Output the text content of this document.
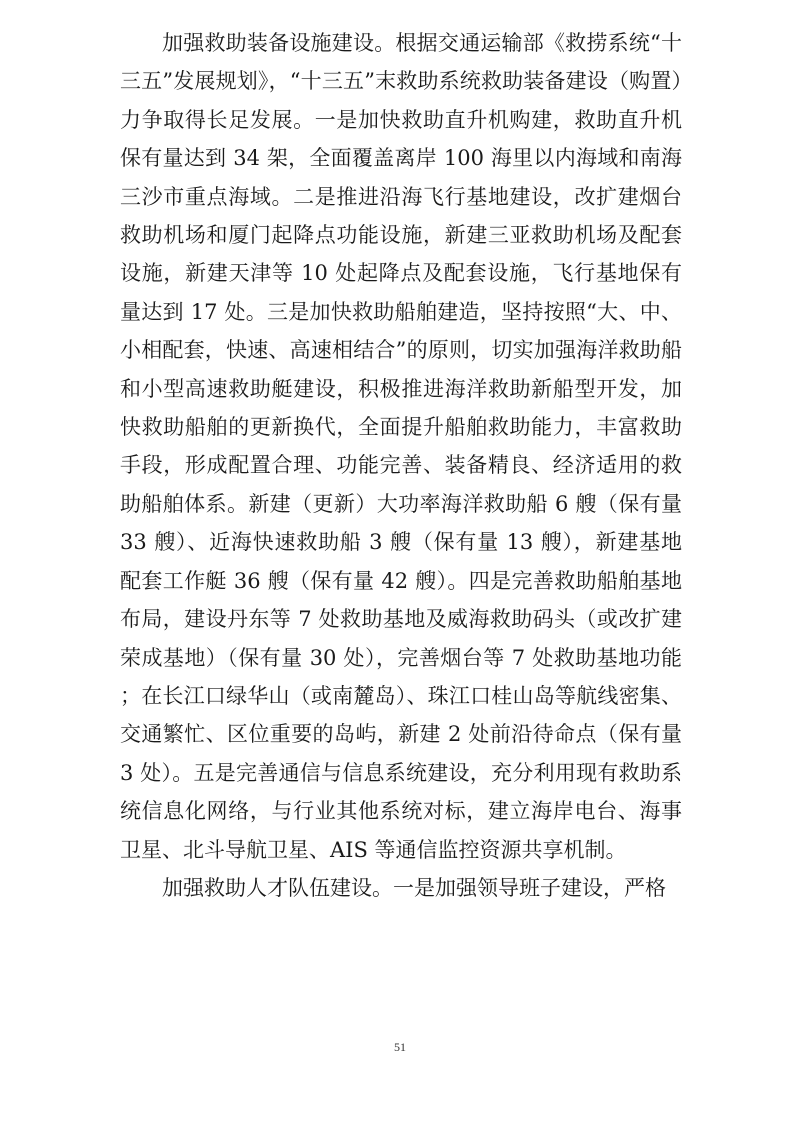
加强救助装备设施建设。根据交通运输部《救捞系统“十三五”发展规划》，“十三五”末救助系统救助装备建设（购置）力争取得长足发展。一是加快救助直升机购建，救助直升机保有量达到 34 架，全面覆盖离岸 100 海里以内海域和南海三沙市重点海域。二是推进沿海飞行基地建设，改扩建烟台救助机场和厦门起降点功能设施，新建三亚救助机场及配套设施，新建天津等 10 处起降点及配套设施，飞行基地保有量达到 17 处。三是加快救助船舶建造，坚持按照“大、中、小相配套，快速、高速相结合”的原则，切实加强海洋救助船和小型高速救助艇建设，积极推进海洋救助新船型开发，加快救助船舶的更新换代，全面提升船舶救助能力，丰富救助手段，形成配置合理、功能完善、装备精良、经济适用的救助船舶体系。新建（更新）大功率海洋救助船 6 艘（保有量 33 艘）、近海快速救助船 3 艘（保有量 13 艘），新建基地配套工作艇 36 艘（保有量 42 艘）。四是完善救助船舶基地布局，建设丹东等 7 处救助基地及威海救助码头（或改扩建荣成基地）（保有量 30 处），完善烟台等 7 处救助基地功能；在长江口绿华山（或南麓岛）、珠江口桂山岛等航线密集、交通繁忙、区位重要的岛屿，新建 2 处前沿待命点（保有量 3 处）。五是完善通信与信息系统建设，充分利用现有救助系统信息化网络，与行业其他系统对标，建立海岸电台、海事卫星、北斗导航卫星、AIS 等通信监控资源共享机制。

加强救助人才队伍建设。一是加强领导班子建设，严格

51
